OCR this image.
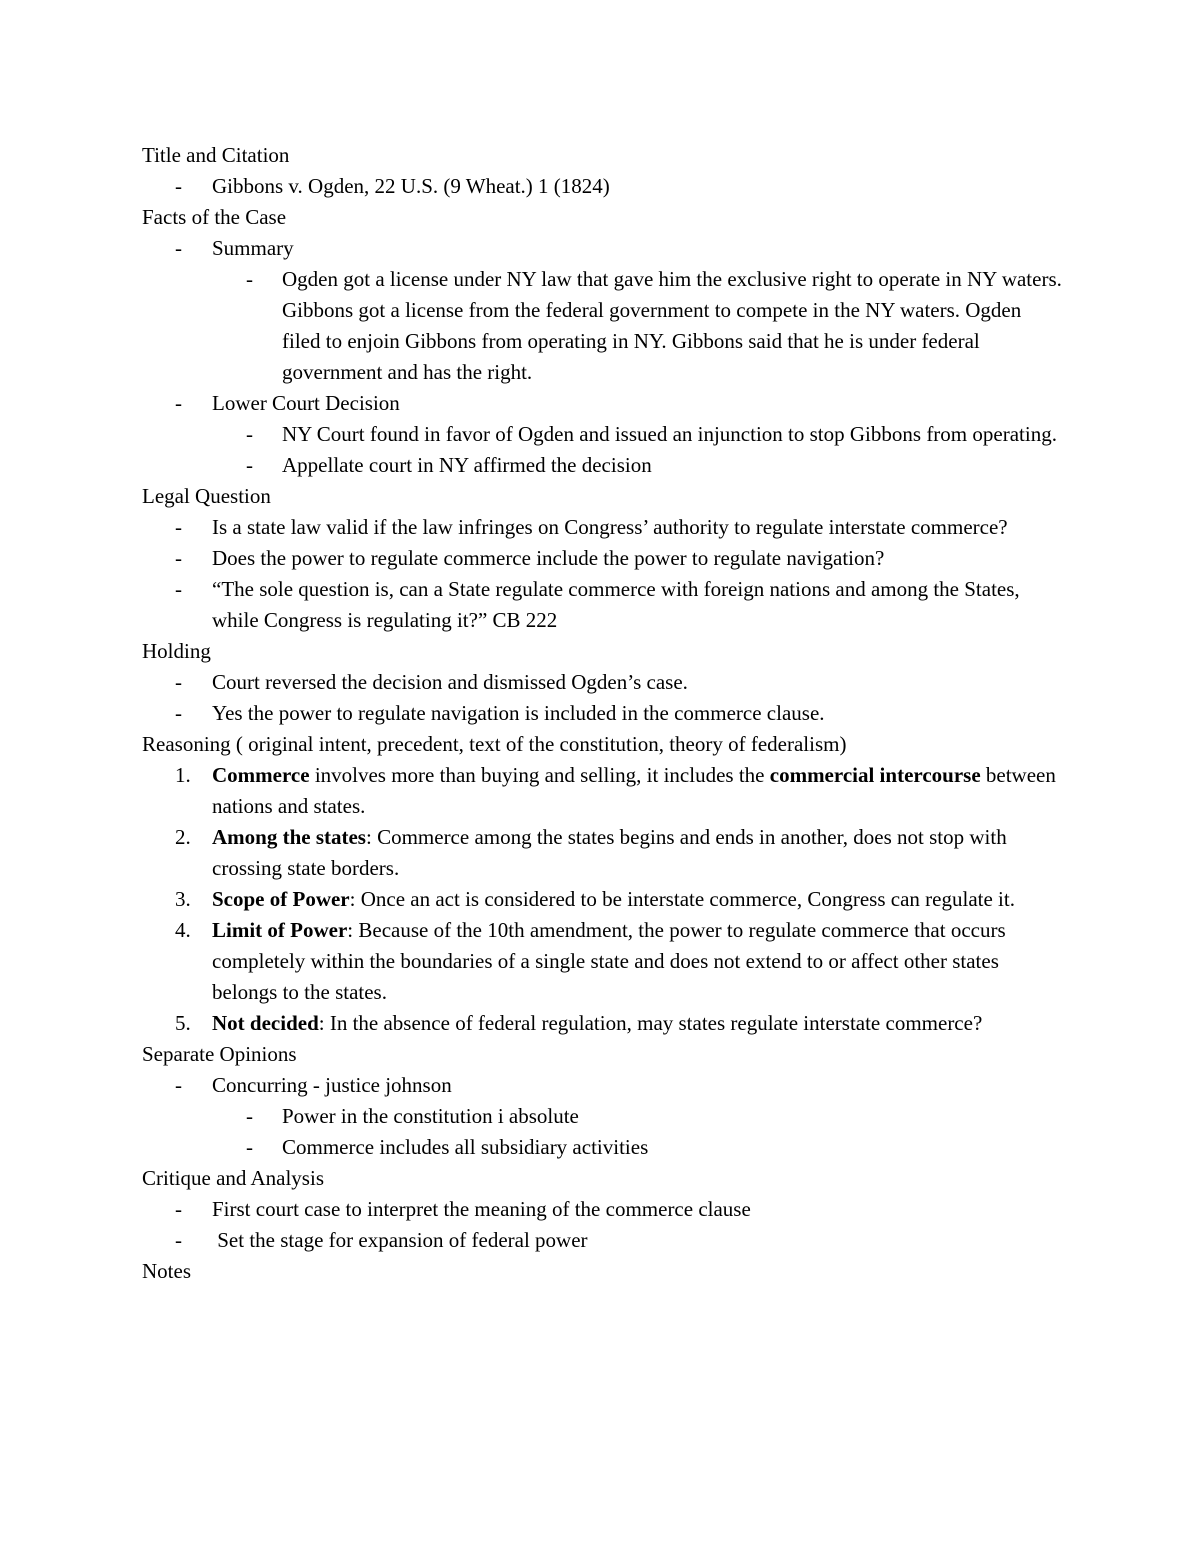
Title and Citation
- Gibbons v. Ogden, 22 U.S. (9 Wheat.) 1 (1824)
Facts of the Case
- Summary
- Ogden got a license under NY law that gave him the exclusive right to operate in NY waters. Gibbons got a license from the federal government to compete in the NY waters. Ogden filed to enjoin Gibbons from operating in NY. Gibbons said that he is under federal government and has the right.
- Lower Court Decision
- NY Court found in favor of Ogden and issued an injunction to stop Gibbons from operating.
- Appellate court in NY affirmed the decision
Legal Question
- Is a state law valid if the law infringes on Congress’ authority to regulate interstate commerce?
- Does the power to regulate commerce include the power to regulate navigation?
- “The sole question is, can a State regulate commerce with foreign nations and among the States, while Congress is regulating it?” CB 222
Holding
- Court reversed the decision and dismissed Ogden’s case.
- Yes the power to regulate navigation is included in the commerce clause.
Reasoning ( original intent, precedent, text of the constitution, theory of federalism)
1. Commerce involves more than buying and selling, it includes the commercial intercourse between nations and states.
2. Among the states: Commerce among the states begins and ends in another, does not stop with crossing state borders.
3. Scope of Power: Once an act is considered to be interstate commerce, Congress can regulate it.
4. Limit of Power: Because of the 10th amendment, the power to regulate commerce that occurs completely within the boundaries of a single state and does not extend to or affect other states belongs to the states.
5. Not decided: In the absence of federal regulation, may states regulate interstate commerce?
Separate Opinions
- Concurring - justice johnson
- Power in the constitution i absolute
- Commerce includes all subsidiary activities
Critique and Analysis
- First court case to interpret the meaning of the commerce clause
- Set the stage for expansion of federal power
Notes
